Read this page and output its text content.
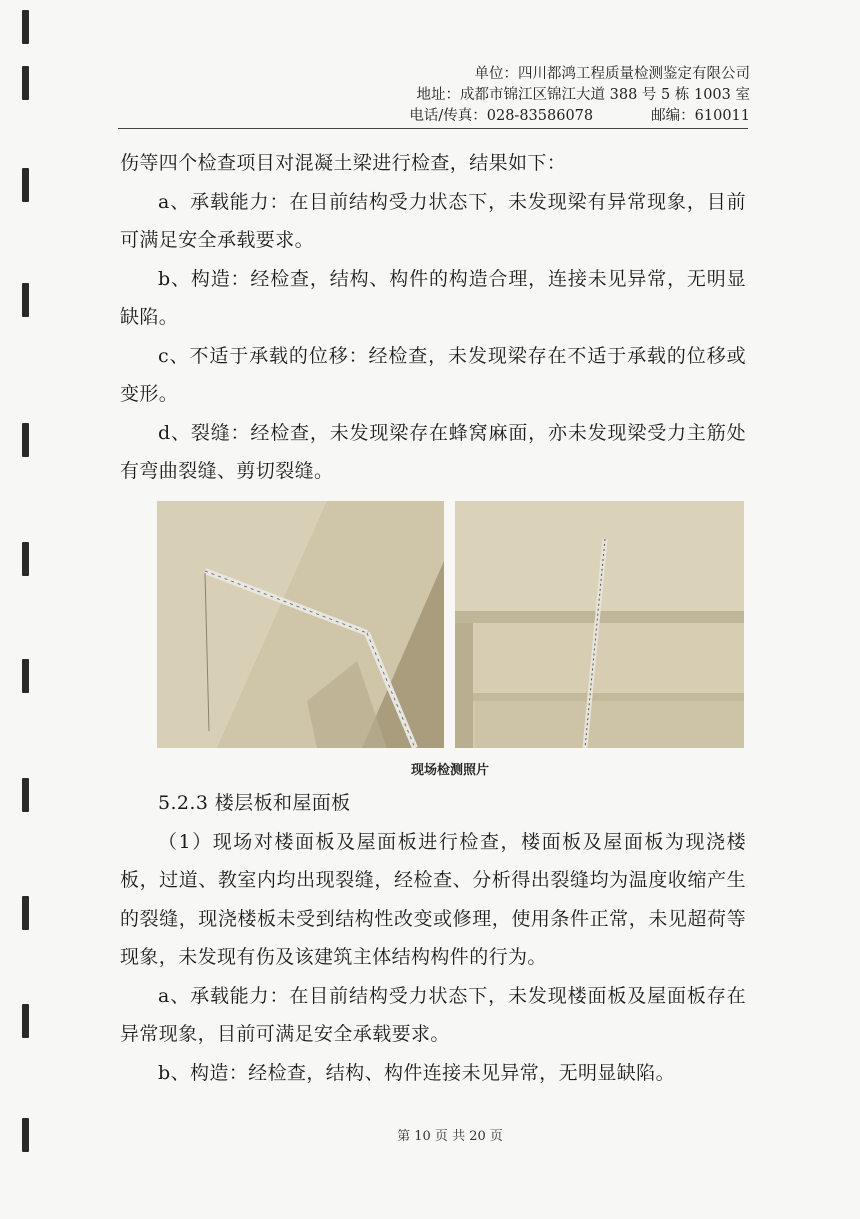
单位：四川都鸿工程质量检测鉴定有限公司
地址：成都市锦江区锦江大道 388 号 5 栋 1003 室
电话/传真：028-83586078	邮编：610011

伤等四个检查项目对混凝土梁进行检查，结果如下：

a、承载能力：在目前结构受力状态下，未发现梁有异常现象，目前可满足安全承载要求。

b、构造：经检查，结构、构件的构造合理，连接未见异常，无明显缺陷。

c、不适于承载的位移：经检查，未发现梁存在不适于承载的位移或变形。

d、裂缝：经检查，未发现梁存在蜂窝麻面，亦未发现梁受力主筋处有弯曲裂缝、剪切裂缝。

现场检测照片

5.2.3 楼层板和屋面板

（1）现场对楼面板及屋面板进行检查，楼面板及屋面板为现浇楼板，过道、教室内均出现裂缝，经检查、分析得出裂缝均为温度收缩产生的裂缝，现浇楼板未受到结构性改变或修理，使用条件正常，未见超荷等现象，未发现有伤及该建筑主体结构构件的行为。

a、承载能力：在目前结构受力状态下，未发现楼面板及屋面板存在异常现象，目前可满足安全承载要求。

b、构造：经检查，结构、构件连接未见异常，无明显缺陷。

第 10 页 共 20 页
